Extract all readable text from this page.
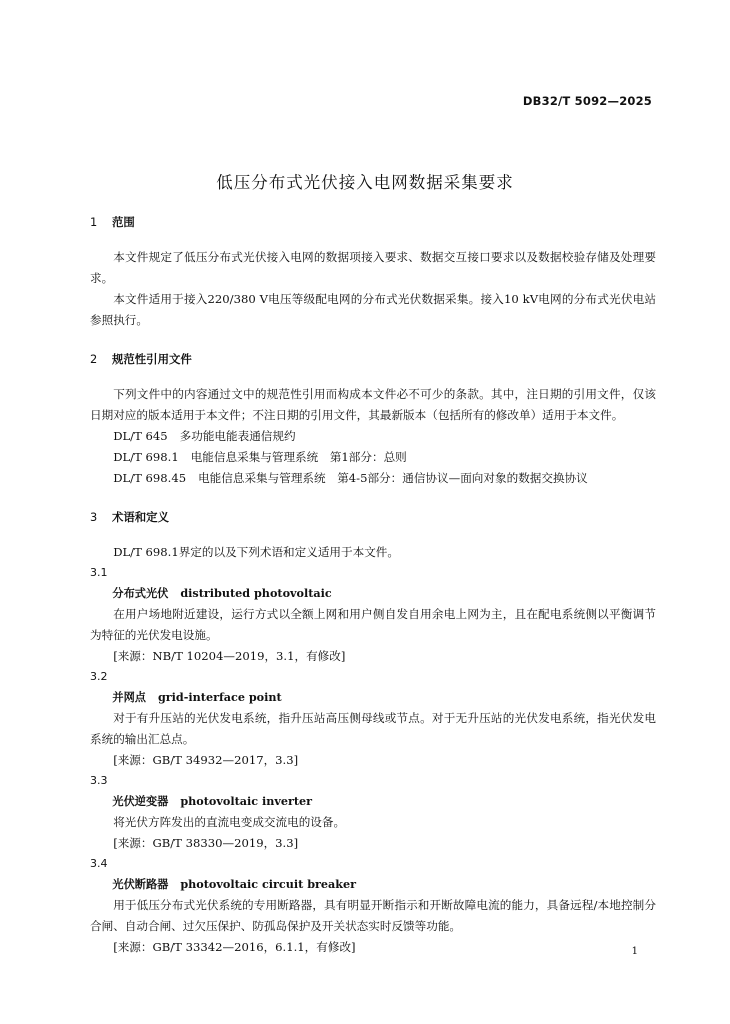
DB32/T 5092—2025
低压分布式光伏接入电网数据采集要求
1 范围

本文件规定了低压分布式光伏接入电网的数据项接入要求、数据交互接口要求以及数据校验存储及处理要求。

本文件适用于接入220/380 V电压等级配电网的分布式光伏数据采集。接入10 kV电网的分布式光伏电站参照执行。

2 规范性引用文件

下列文件中的内容通过文中的规范性引用而构成本文件必不可少的条款。其中，注日期的引用文件，仅该日期对应的版本适用于本文件；不注日期的引用文件，其最新版本（包括所有的修改单）适用于本文件。

DL/T 645 多功能电能表通信规约
DL/T 698.1 电能信息采集与管理系统　第1部分：总则
DL/T 698.45 电能信息采集与管理系统　第4-5部分：通信协议—面向对象的数据交换协议
3 术语和定义

DL/T 698.1界定的以及下列术语和定义适用于本文件。

3.1
分布式光伏 distributed photovoltaic

在用户场地附近建设，运行方式以全额上网和用户侧自发自用余电上网为主，且在配电系统侧以平衡调节为特征的光伏发电设施。

[来源：NB/T 10204—2019，3.1，有修改]
3.2
并网点 grid-interface point

对于有升压站的光伏发电系统，指升压站高压侧母线或节点。对于无升压站的光伏发电系统，指光伏发电系统的输出汇总点。

[来源：GB/T 34932—2017，3.3]
3.3
光伏逆变器 photovoltaic inverter

将光伏方阵发出的直流电变成交流电的设备。

[来源：GB/T 38330—2019，3.3]
3.4
光伏断路器 photovoltaic circuit breaker

用于低压分布式光伏系统的专用断路器，具有明显开断指示和开断故障电流的能力，具备远程/本地控制分合闸、自动合闸、过欠压保护、防孤岛保护及开关状态实时反馈等功能。

[来源：GB/T 33342—2016，6.1.1，有修改]	1
